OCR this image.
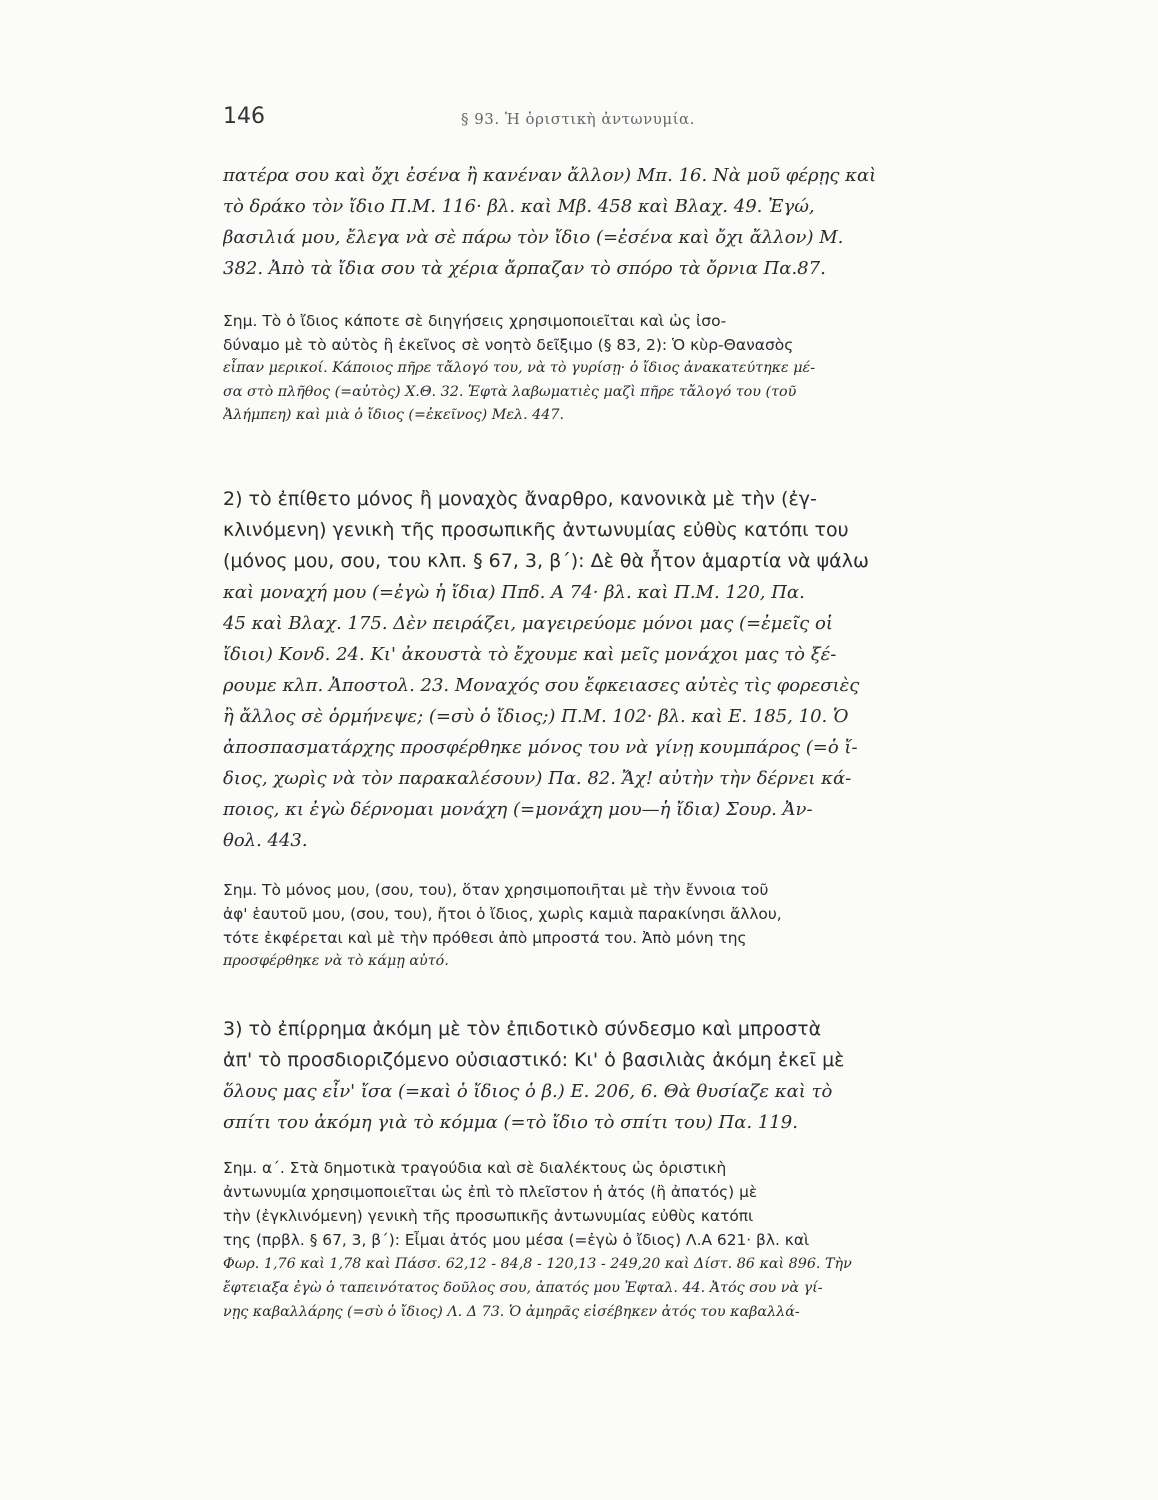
146	§ 93. Ἡ ὁριστικὴ ἀντωνυμία.
πατέρα σου καὶ ὄχι ἐσένα ἢ κανέναν ἄλλον) Μπ. 16. Νὰ μοῦ φέρῃς καὶ
τὸ δράκο τὸν ἴδιο Π.Μ. 116· βλ. καὶ Μβ. 458 καὶ Βλαχ. 49. Ἐγώ,
βασιλιά μου, ἔλεγα νὰ σὲ πάρω τὸν ἴδιο (=ἐσένα καὶ ὄχι ἄλλον) Μ.
382. Ἀπὸ τὰ ἴδια σου τὰ χέρια ἄρπαζαν τὸ σπόρο τὰ ὄρνια Πα.87.
Σημ. Τὸ ὁ ἴδιος κάποτε σὲ διηγήσεις χρησιμοποιεῖται καὶ ὡς ἰσο-
δύναμο μὲ τὸ αὐτὸς ἢ ἐκεῖνος σὲ νοητὸ δεῖξιμο (§ 83, 2): Ὁ κὺρ-Θανασὸς
εἶπαν μερικοί. Κάποιος πῆρε τἄλογό του, νὰ τὸ γυρίσῃ· ὁ ἴδιος ἀνακατεύτηκε μέ-
σα στὸ πλῆθος (=αὐτὸς) Χ.Θ. 32. Ἑφτὰ λαβωματιὲς μαζὶ πῆρε τἄλογό του (τοῦ
Ἀλήμπεη) καὶ μιὰ ὁ ἴδιος (=ἐκεῖνος) Μελ. 447.
2) τὸ ἐπίθετο μόνος ἢ μοναχὸς ἄναρθρο, κανονικὰ μὲ τὴν (ἐγ-
κλινόμενη) γενικὴ τῆς προσωπικῆς ἀντωνυμίας εὐθὺς κατόπι του
(μόνος μου, σου, του κλπ. § 67, 3, β΄): Δὲ θὰ ἦτον ἁμαρτία νὰ ψάλω
καὶ μοναχή μου (=ἐγὼ ἡ ἴδια) Ππδ. Α 74· βλ. καὶ Π.Μ. 120, Πα.
45 καὶ Βλαχ. 175. Δὲν πειράζει, μαγειρεύομε μόνοι μας (=ἐμεῖς οἱ
ἴδιοι) Κονδ. 24. Κι' ἀκουστὰ τὸ ἔχουμε καὶ μεῖς μονάχοι μας τὸ ξέ-
ρουμε κλπ. Ἀποστολ. 23. Μοναχός σου ἔφκειασες αὐτὲς τὶς φορεσιὲς
ἢ ἄλλος σὲ ὁρμήνεψε; (=σὺ ὁ ἴδιος;) Π.Μ. 102· βλ. καὶ Ε. 185, 10. Ὁ
ἀποσπασματάρχης προσφέρθηκε μόνος του νὰ γίνῃ κουμπάρος (=ὁ ἴ-
διος, χωρὶς νὰ τὸν παρακαλέσουν) Πα. 82. Ἄχ! αὐτὴν τὴν δέρνει κά-
ποιος, κι ἐγὼ δέρνομαι μονάχη (=μονάχη μου—ἡ ἴδια) Σουρ. Ἀν-
θολ. 443.
Σημ. Τὸ μόνος μου, (σου, του), ὅταν χρησιμοποιῆται μὲ τὴν ἔννοια τοῦ
ἀφ' ἑαυτοῦ μου, (σου, του), ἤτοι ὁ ἴδιος, χωρὶς καμιὰ παρακίνησι ἄλλου,
τότε ἐκφέρεται καὶ μὲ τὴν πρόθεσι ἀπὸ μπροστά του. Ἀπὸ μόνη της
προσφέρθηκε νὰ τὸ κάμῃ αὐτό.
3) τὸ ἐπίρρημα ἀκόμη μὲ τὸν ἐπιδοτικὸ σύνδεσμο καὶ μπροστὰ
ἀπ' τὸ προσδιοριζόμενο οὐσιαστικό: Κι' ὁ βασιλιὰς ἀκόμη ἐκεῖ μὲ
ὅλους μας εἶν' ἴσα (=καὶ ὁ ἴδιος ὁ β.) Ε. 206, 6. Θὰ θυσίαζε καὶ τὸ
σπίτι του ἀκόμη γιὰ τὸ κόμμα (=τὸ ἴδιο τὸ σπίτι του) Πα. 119.
Σημ. α΄. Στὰ δημοτικὰ τραγούδια καὶ σὲ διαλέκτους ὡς ὁριστικὴ
ἀντωνυμία χρησιμοποιεῖται ὡς ἐπὶ τὸ πλεῖστον ἡ ἀτός (ἢ ἀπατός) μὲ
τὴν (ἐγκλινόμενη) γενικὴ τῆς προσωπικῆς ἀντωνυμίας εὐθὺς κατόπι
της (πρβλ. § 67, 3, β΄): Εἶμαι ἀτός μου μέσα (=ἐγὼ ὁ ἴδιος) Λ.Α 621· βλ. καὶ
Φωρ. 1,76 καὶ 1,78 καὶ Πάσσ. 62,12 - 84,8 - 120,13 - 249,20 καὶ Δίστ. 86 καὶ 896. Τὴν
ἔφτειαξα ἐγὼ ὁ ταπεινότατος δοῦλος σου, ἀπατός μου Ἐφταλ. 44. Ἀτός σου νὰ γί-
νῃς καβαλλάρης (=σὺ ὁ ἴδιος) Λ. Δ 73. Ὁ ἀμηρᾶς εἰσέβηκεν ἀτός του καβαλλά-
